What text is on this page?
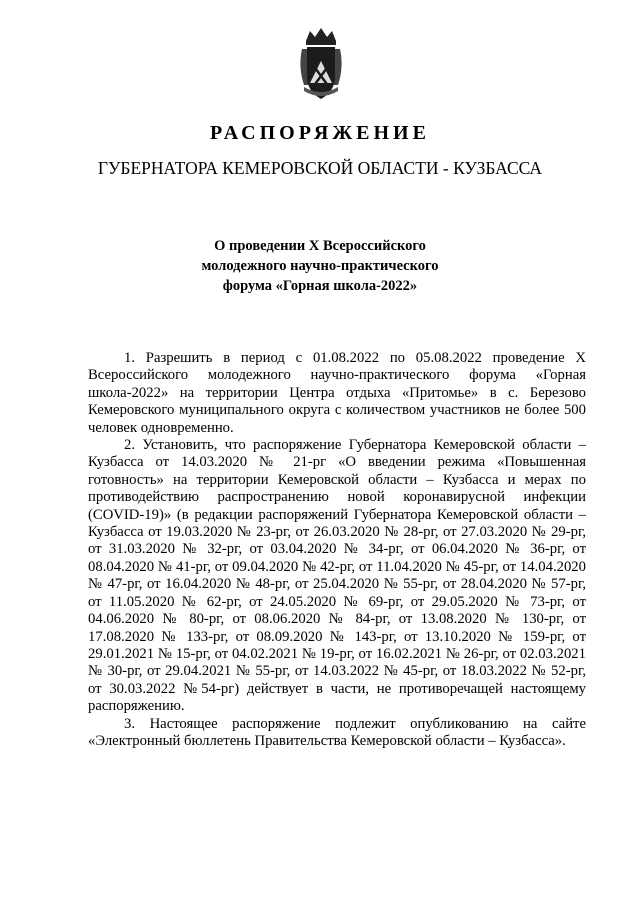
РАСПОРЯЖЕНИЕ
ГУБЕРНАТОРА КЕМЕРОВСКОЙ ОБЛАСТИ - КУЗБАССА
О проведении X Всероссийского
молодежного научно-практического
форума «Горная школа-2022»

1. Разрешить в период с 01.08.2022 по 05.08.2022 проведение X Всероссийского молодежного научно-практического форума «Горная школа-2022» на территории Центра отдыха «Притомье» в с. Березово Кемеровского муниципального округа с количеством участников не более 500 человек одновременно.

2. Установить, что распоряжение Губернатора Кемеровской области – Кузбасса от 14.03.2020 № 21-рг «О введении режима «Повышенная готовность» на территории Кемеровской области – Кузбасса и мерах по противодействию распространению новой коронавирусной инфекции (COVID-19)» (в редакции распоряжений Губернатора Кемеровской области – Кузбасса от 19.03.2020 № 23-рг, от 26.03.2020 № 28-рг, от 27.03.2020 № 29-рг, от 31.03.2020 № 32-рг, от 03.04.2020 № 34-рг, от 06.04.2020 № 36-рг, от 08.04.2020 № 41-рг, от 09.04.2020 № 42-рг, от 11.04.2020 № 45-рг, от 14.04.2020 № 47-рг, от 16.04.2020 № 48-рг, от 25.04.2020 № 55-рг, от 28.04.2020 № 57-рг, от 11.05.2020 № 62-рг, от 24.05.2020 № 69-рг, от 29.05.2020 № 73-рг, от 04.06.2020 № 80-рг, от 08.06.2020 № 84-рг, от 13.08.2020 № 130-рг, от 17.08.2020 № 133-рг, от 08.09.2020 № 143-рг, от 13.10.2020 № 159-рг, от 29.01.2021 № 15-рг, от 04.02.2021 № 19-рг, от 16.02.2021 № 26-рг, от 02.03.2021 № 30-рг, от 29.04.2021 № 55-рг, от 14.03.2022 № 45-рг, от 18.03.2022 № 52-рг, от 30.03.2022 №54-рг) действует в части, не противоречащей настоящему распоряжению.

3. Настоящее распоряжение подлежит опубликованию на сайте «Электронный бюллетень Правительства Кемеровской области – Кузбасса».
